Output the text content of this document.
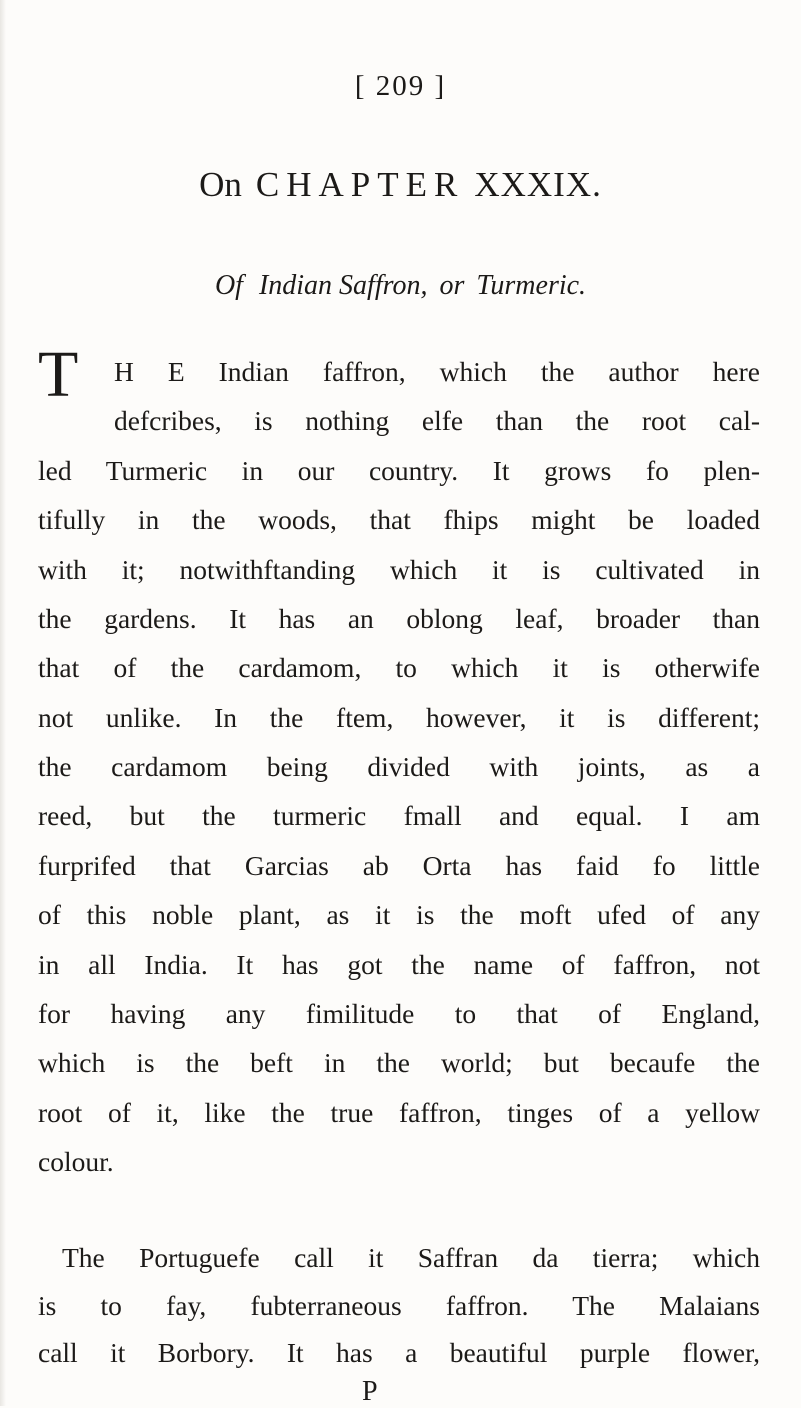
[ 209 ]
On CHAPTER XXXIX.
Of Indian Saffron, or Turmeric.
T H E Indian faffron, which the author here
defcribes, is nothing elfe than the root cal-
led Turmeric in our country. It grows fo plen-
tifully in the woods, that fhips might be loaded
with it; notwithftanding which it is cultivated in
the gardens. It has an oblong leaf, broader than
that of the cardamom, to which it is otherwife
not unlike. In the ftem, however, it is different;
the cardamom being divided with joints, as a
reed, but the turmeric fmall and equal. I am
furprifed that Garcias ab Orta has faid fo little
of this noble plant, as it is the moft ufed of any
in all India. It has got the name of faffron, not
for having any fimilitude to that of England,
which is the beft in the world; but becaufe the
root of it, like the true faffron, tinges of a yellow
colour.
The Portuguefe call it Saffran da tierra; which
is to fay, fubterraneous faffron. The Malaians
call it Borbory. It has a beautiful purple flower,
P
